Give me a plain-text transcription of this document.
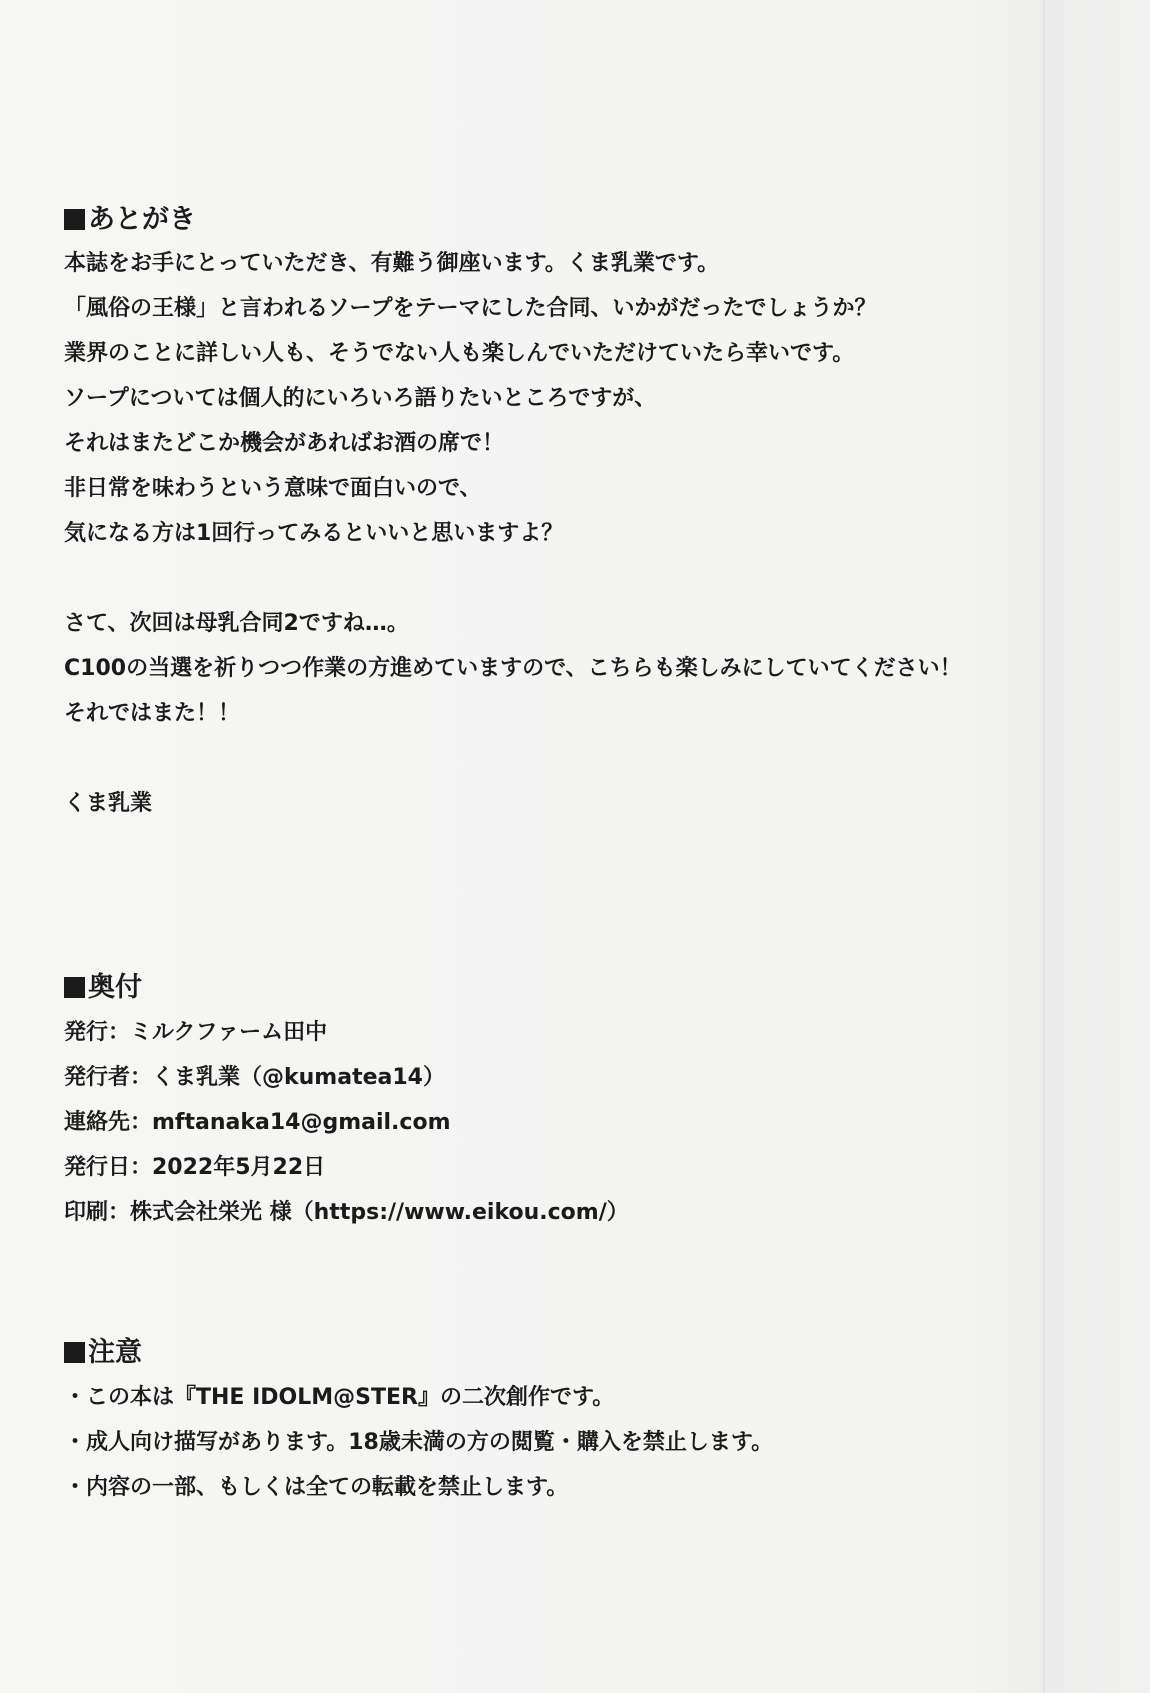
あとがき
本誌をお手にとっていただき、有難う御座います。くま乳業です。
「風俗の王様」と言われるソープをテーマにした合同、いかがだったでしょうか？
業界のことに詳しい人も、そうでない人も楽しんでいただけていたら幸いです。
ソープについては個人的にいろいろ語りたいところですが、
それはまたどこか機会があればお酒の席で！
非日常を味わうという意味で面白いので、
気になる方は1回行ってみるといいと思いますよ？
さて、次回は母乳合同2ですね…。
C100の当選を祈りつつ作業の方進めていますので、こちらも楽しみにしていてください！
それではまた！！
くま乳業
奥付
発行：ミルクファーム田中
発行者：くま乳業（@kumatea14）
連絡先：mftanaka14@gmail.com
発行日：2022年5月22日
印刷：株式会社栄光 様（https://www.eikou.com/）
注意
・この本は『THE IDOLM@STER』の二次創作です。
・成人向け描写があります。18歳未満の方の閲覧・購入を禁止します。
・内容の一部、もしくは全ての転載を禁止します。
